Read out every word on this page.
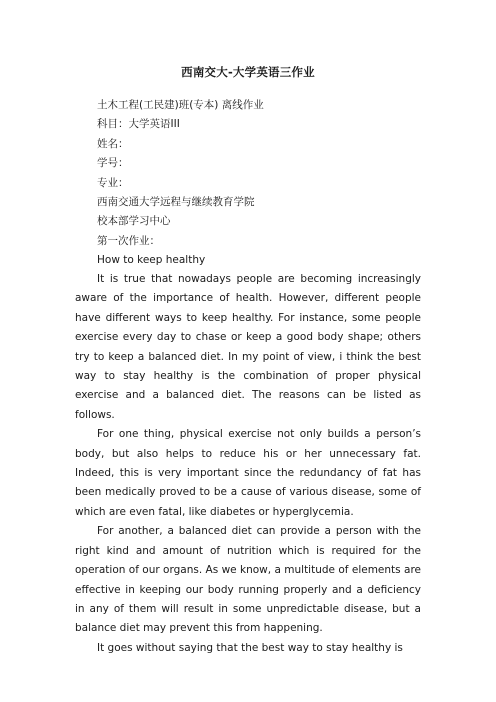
西南交大-大学英语三作业
土木工程(工民建)班(专本) 离线作业
科目：大学英语III
姓名：
学号：
专业：
西南交通大学远程与继续教育学院
校本部学习中心
第一次作业：
How to keep healthy

It is true that nowadays people are becoming increasingly aware of the importance of health. However, different people have different ways to keep healthy. For instance, some people exercise every day to chase or keep a good body shape; others try to keep a balanced diet. In my point of view, i think the best way to stay healthy is the combination of proper physical exercise and a balanced diet. The reasons can be listed as follows.

For one thing, physical exercise not only builds a person’s body, but also helps to reduce his or her unnecessary fat. Indeed, this is very important since the redundancy of fat has been medically proved to be a cause of various disease, some of which are even fatal, like diabetes or hyperglycemia.

For another, a balanced diet can provide a person with the right kind and amount of nutrition which is required for the operation of our organs. As we know, a multitude of elements are effective in keeping our body running properly and a deficiency in any of them will result in some unpredictable disease, but a balance diet may prevent this from happening.

It goes without saying that the best way to stay healthy is
